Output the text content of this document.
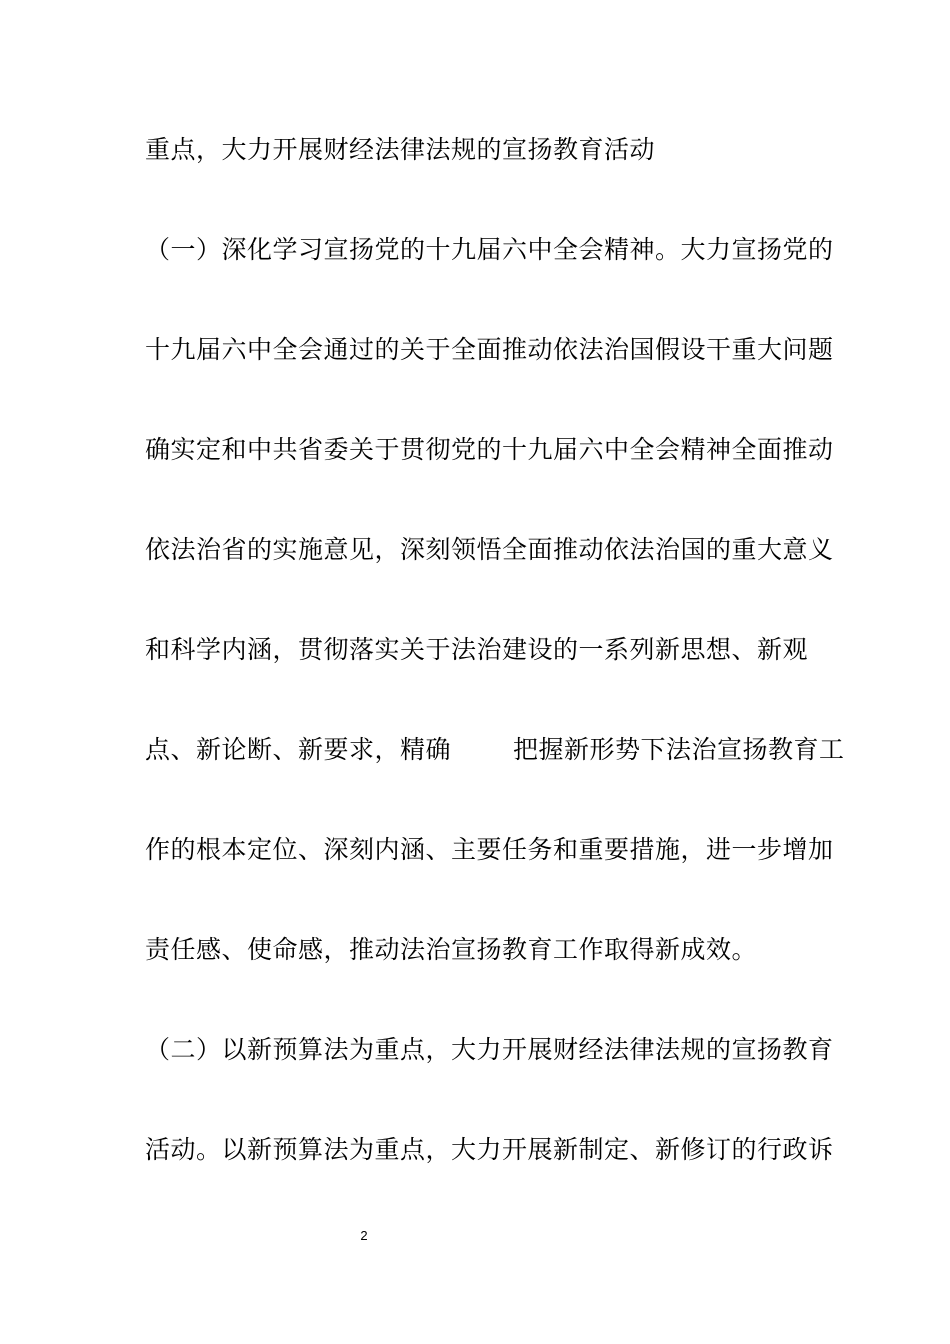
重点，大力开展财经法律法规的宣扬教育活动
（一）深化学习宣扬党的十九届六中全会精神。大力宣扬党的
十九届六中全会通过的关于全面推动依法治国假设干重大问题
确实定和中共省委关于贯彻党的十九届六中全会精神全面推动
依法治省的实施意见，深刻领悟全面推动依法治国的重大意义
和科学内涵，贯彻落实关于法治建设的一系列新思想、新观
点、新论断、新要求，精确 把握新形势下法治宣扬教育工
作的根本定位、深刻内涵、主要任务和重要措施，进一步增加
责任感、使命感，推动法治宣扬教育工作取得新成效。
（二）以新预算法为重点，大力开展财经法律法规的宣扬教育
活动。以新预算法为重点，大力开展新制定、新修订的行政诉
2
